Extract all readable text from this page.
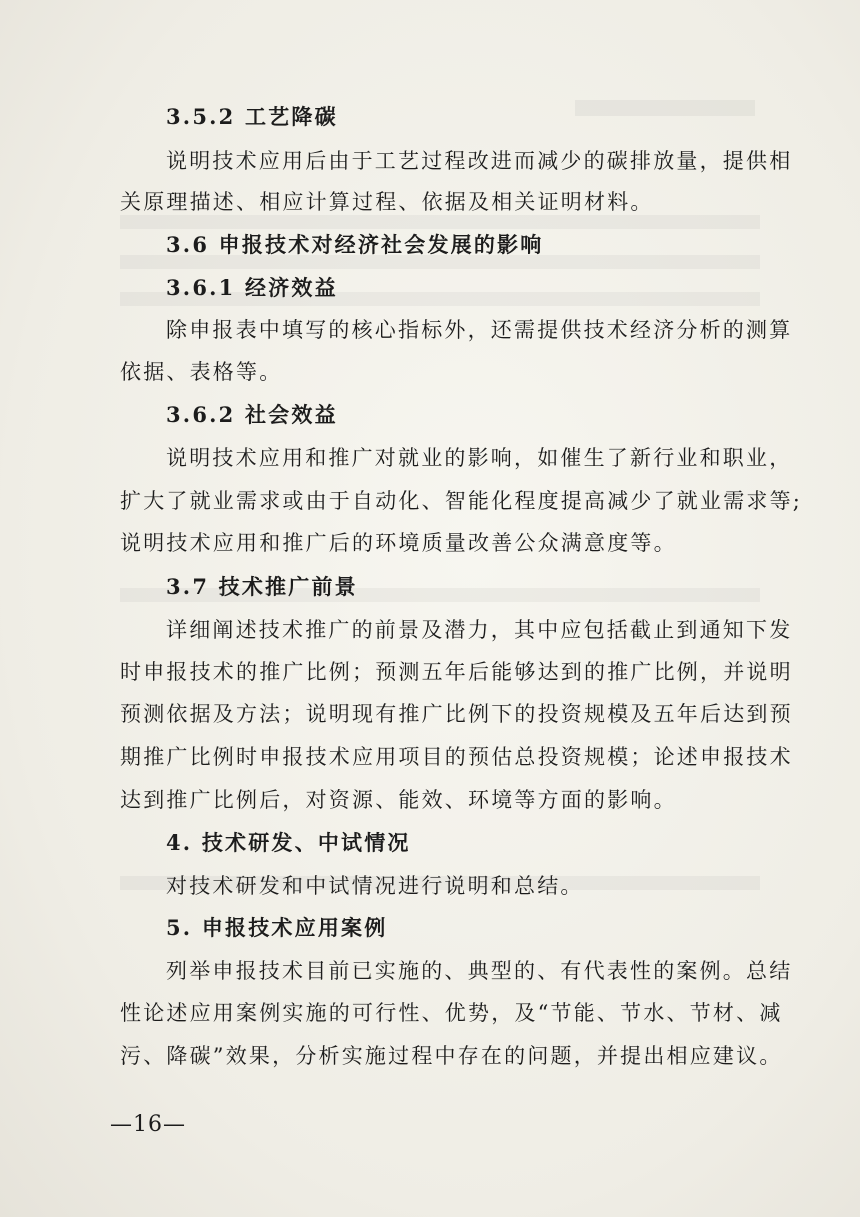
3.5.2 工艺降碳
说明技术应用后由于工艺过程改进而减少的碳排放量，提供相
关原理描述、相应计算过程、依据及相关证明材料。
3.6 申报技术对经济社会发展的影响
3.6.1 经济效益
除申报表中填写的核心指标外，还需提供技术经济分析的测算
依据、表格等。
3.6.2 社会效益
说明技术应用和推广对就业的影响，如催生了新行业和职业，
扩大了就业需求或由于自动化、智能化程度提高减少了就业需求等;
说明技术应用和推广后的环境质量改善公众满意度等。
3.7 技术推广前景
详细阐述技术推广的前景及潜力，其中应包括截止到通知下发
时申报技术的推广比例；预测五年后能够达到的推广比例，并说明
预测依据及方法；说明现有推广比例下的投资规模及五年后达到预
期推广比例时申报技术应用项目的预估总投资规模；论述申报技术
达到推广比例后，对资源、能效、环境等方面的影响。
4. 技术研发、中试情况
对技术研发和中试情况进行说明和总结。
5. 申报技术应用案例
列举申报技术目前已实施的、典型的、有代表性的案例。总结
性论述应用案例实施的可行性、优势，及“节能、节水、节材、减
污、降碳”效果，分析实施过程中存在的问题，并提出相应建议。
—16—
